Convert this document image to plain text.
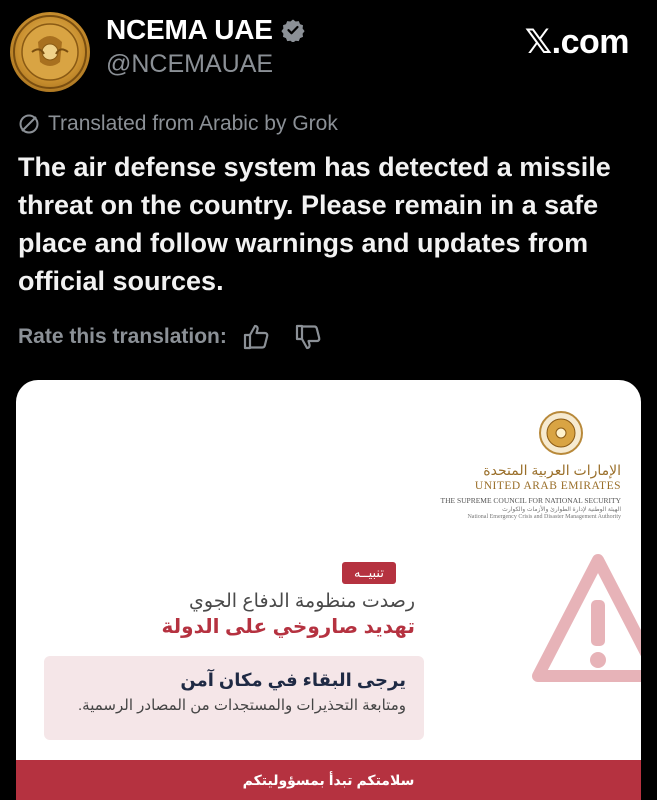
NCEMA UAE
@NCEMAUAE
𝕏.com
Translated from Arabic by Grok
The air defense system has detected a missile threat on the country. Please remain in a safe place and follow warnings and updates from official sources.
Rate this translation:
الإمارات العربية المتحدة
UNITED ARAB EMIRATES
THE SUPREME COUNCIL FOR NATIONAL SECURITY
الهيئة الوطنية لإدارة الطوارئ والأزمات والكوارث
National Emergency Crisis and Disaster Management Authority
تنبيــه
رصدت منظومة الدفاع الجوي
تهديد صاروخي على الدولة
يرجى البقاء في مكان آمن
ومتابعة التحذيرات والمستجدات من المصادر الرسمية.
سلامتكم تبدأ بمسؤوليتكم
